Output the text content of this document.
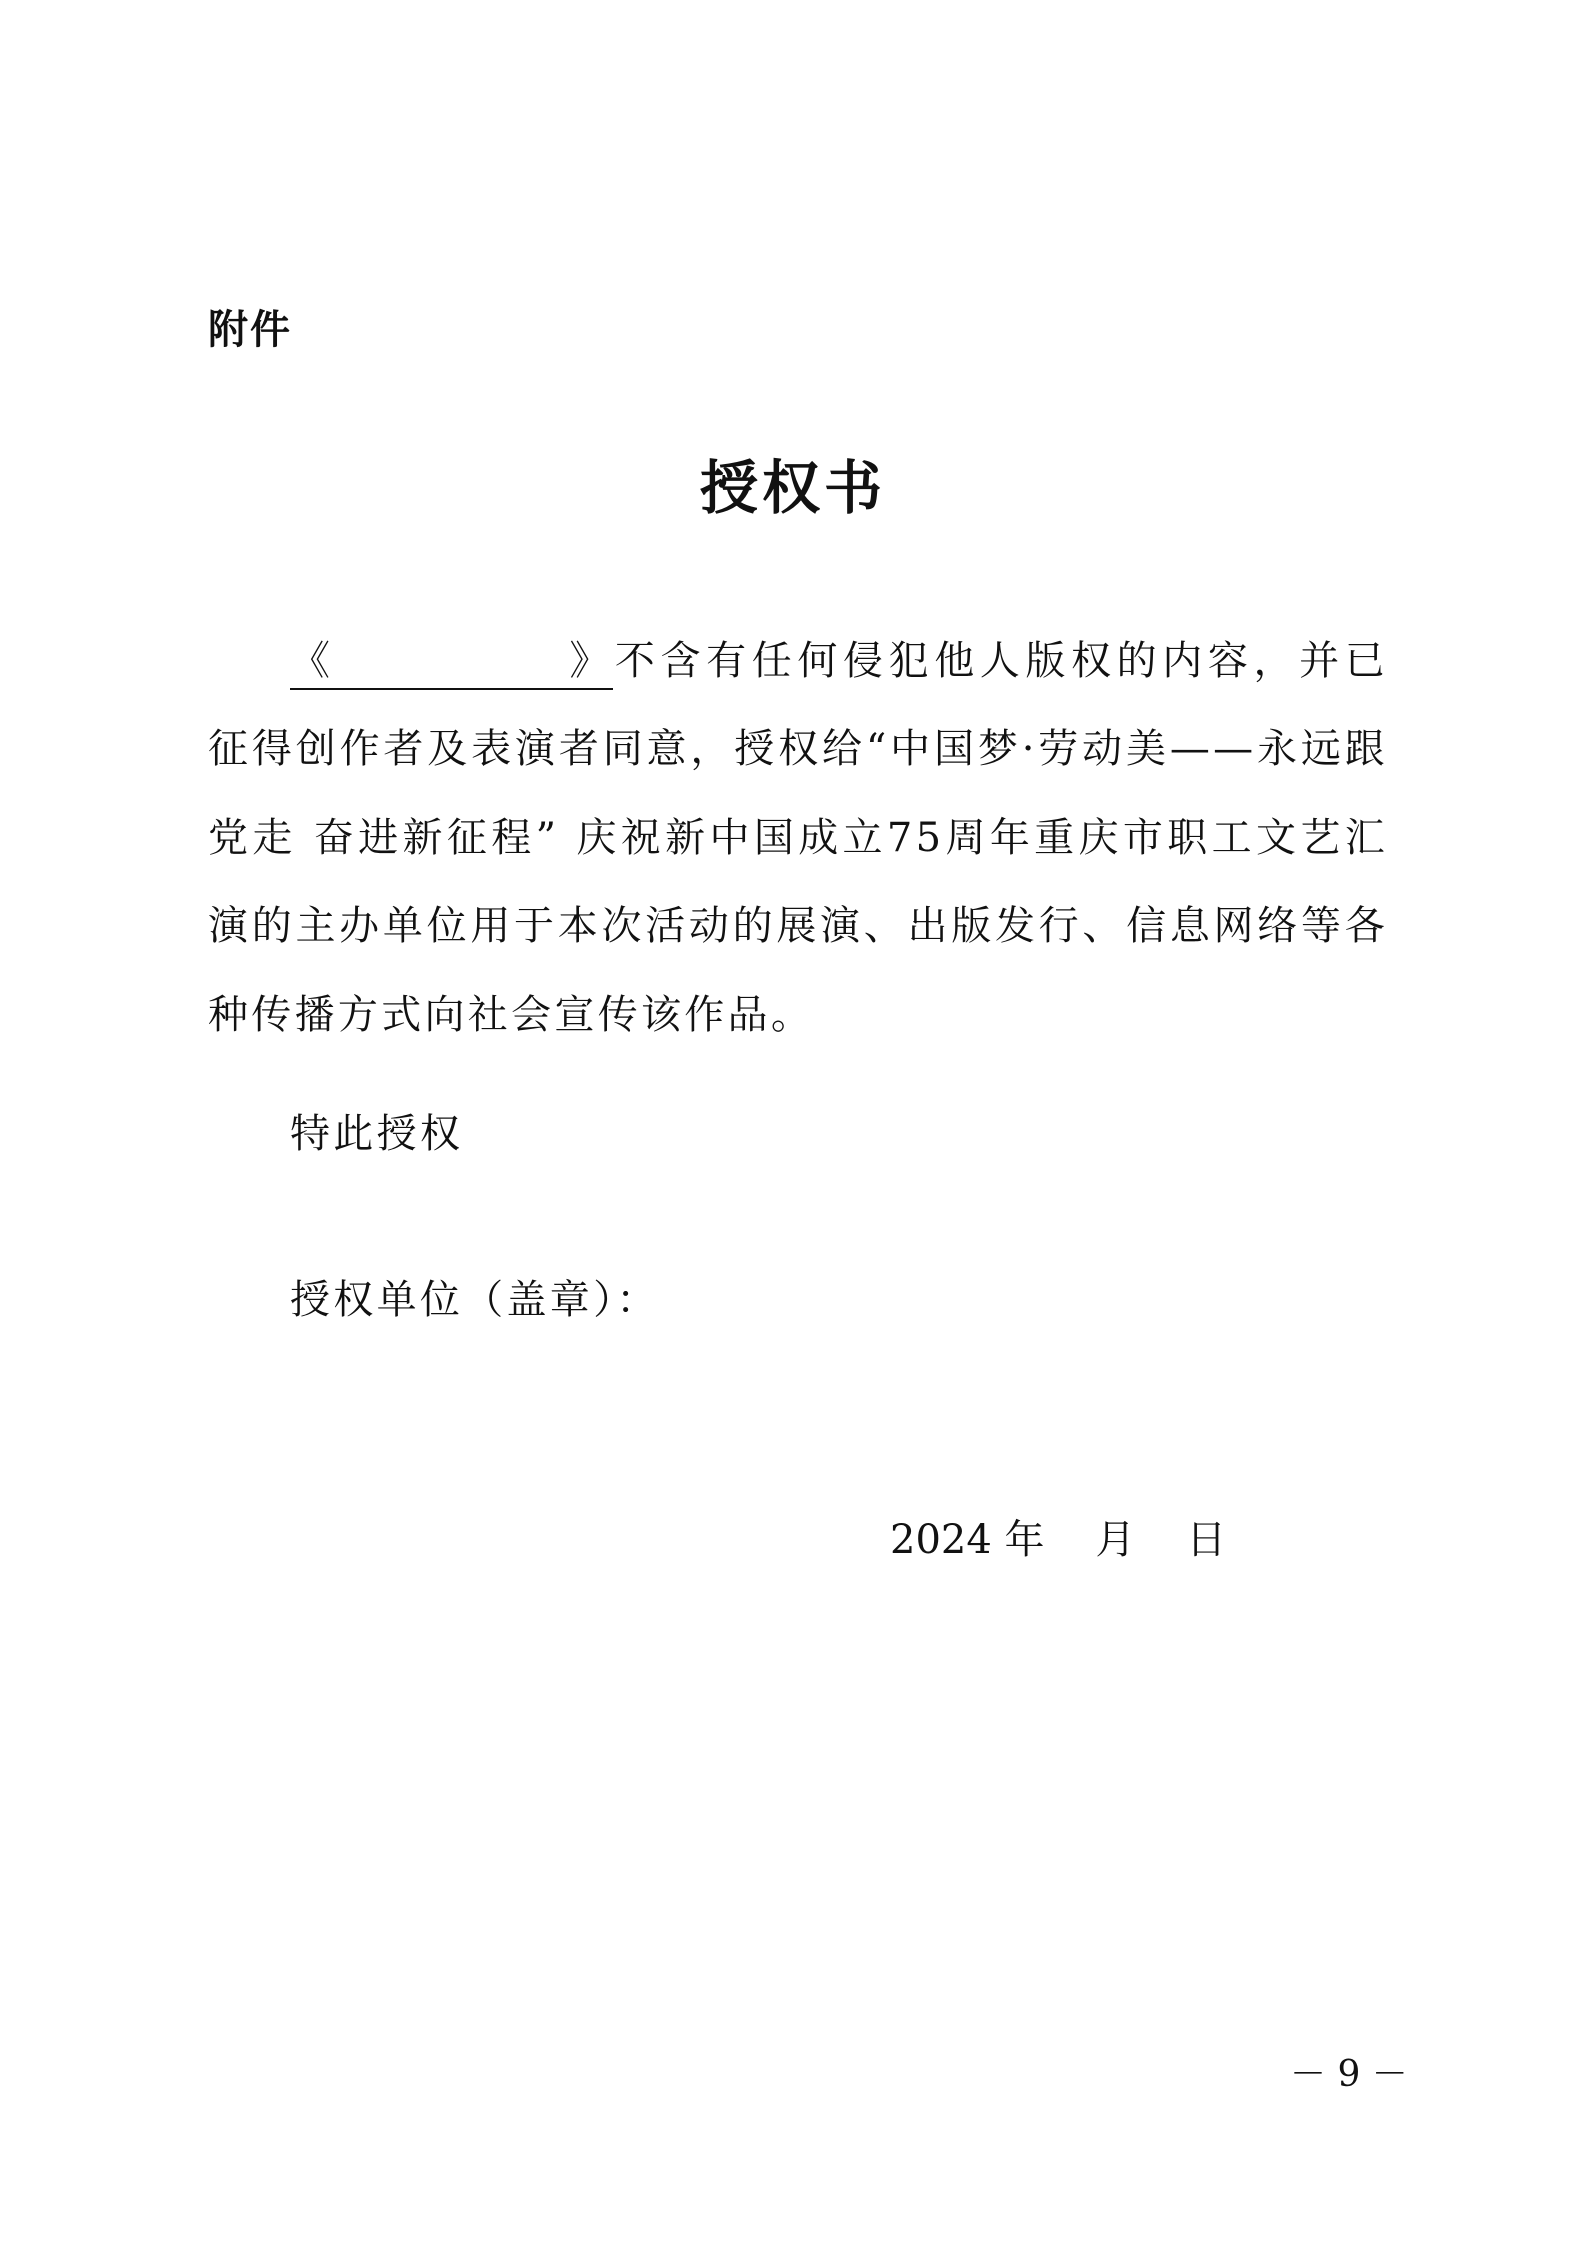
附件
授权书

《	》不含有任何侵犯他人版权的内容，并已征得创作者及表演者同意，授权给“中国梦·劳动美——永远跟党走 奋进新征程” 庆祝新中国成立75周年重庆市职工文艺汇演的主办单位用于本次活动的展演、出版发行、信息网络等各种传播方式向社会宣传该作品。

特此授权
授权单位（盖章）：
2024 年 月 日
－ 9 －
